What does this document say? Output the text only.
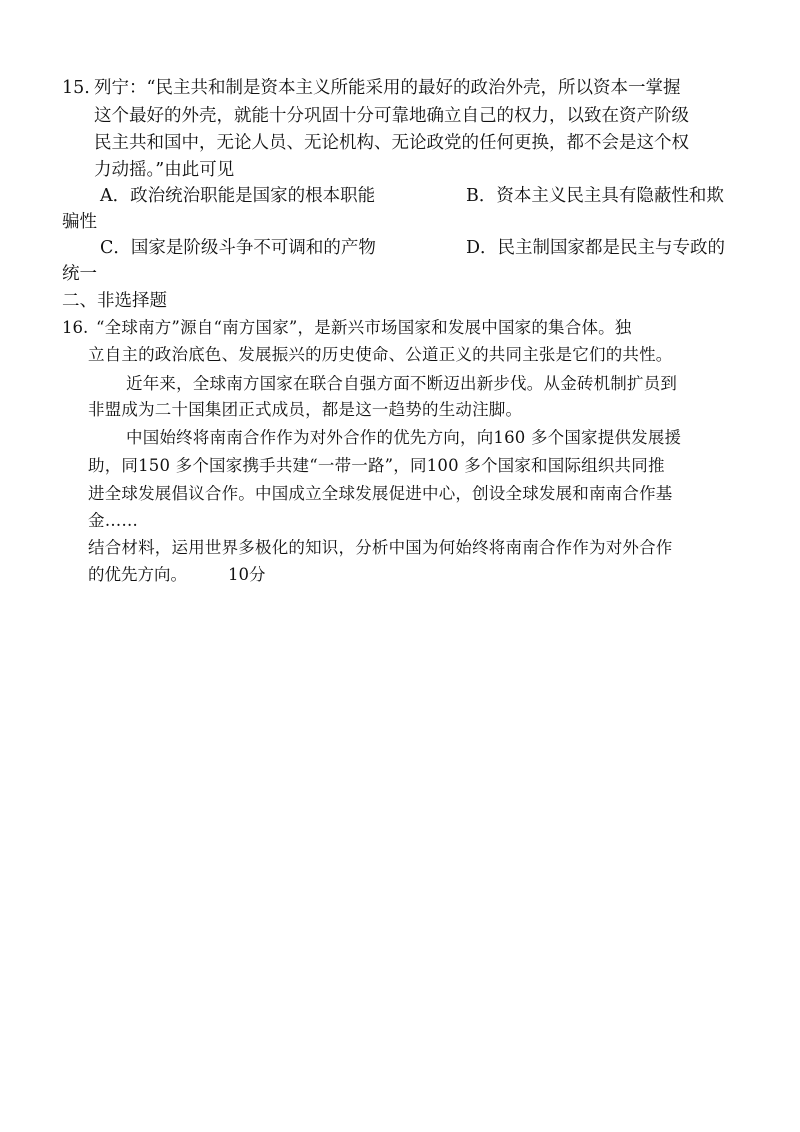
15. 列宁：“民主共和制是资本主义所能采用的最好的政治外壳，所以资本一掌握
这个最好的外壳，就能十分巩固十分可靠地确立自己的权力，以致在资产阶级
民主共和国中，无论人员、无论机构、无论政党的任何更换，都不会是这个权
力动摇。”由此可见
A．政治统治职能是国家的根本职能	B．资本主义民主具有隐蔽性和欺
骗性
C．国家是阶级斗争不可调和的产物	D．民主制国家都是民主与专政的
统一
二、非选择题
16. “全球南方”源自“南方国家”，是新兴市场国家和发展中国家的集合体。独
立自主的政治底色、发展振兴的历史使命、公道正义的共同主张是它们的共性。
近年来，全球南方国家在联合自强方面不断迈出新步伐。从金砖机制扩员到
非盟成为二十国集团正式成员，都是这一趋势的生动注脚。
中国始终将南南合作作为对外合作的优先方向，向160 多个国家提供发展援
助，同150 多个国家携手共建“一带一路”，同100 多个国家和国际组织共同推
进全球发展倡议合作。中国成立全球发展促进中心，创设全球发展和南南合作基
金……
结合材料，运用世界多极化的知识，分析中国为何始终将南南合作作为对外合作
的优先方向。 10分
